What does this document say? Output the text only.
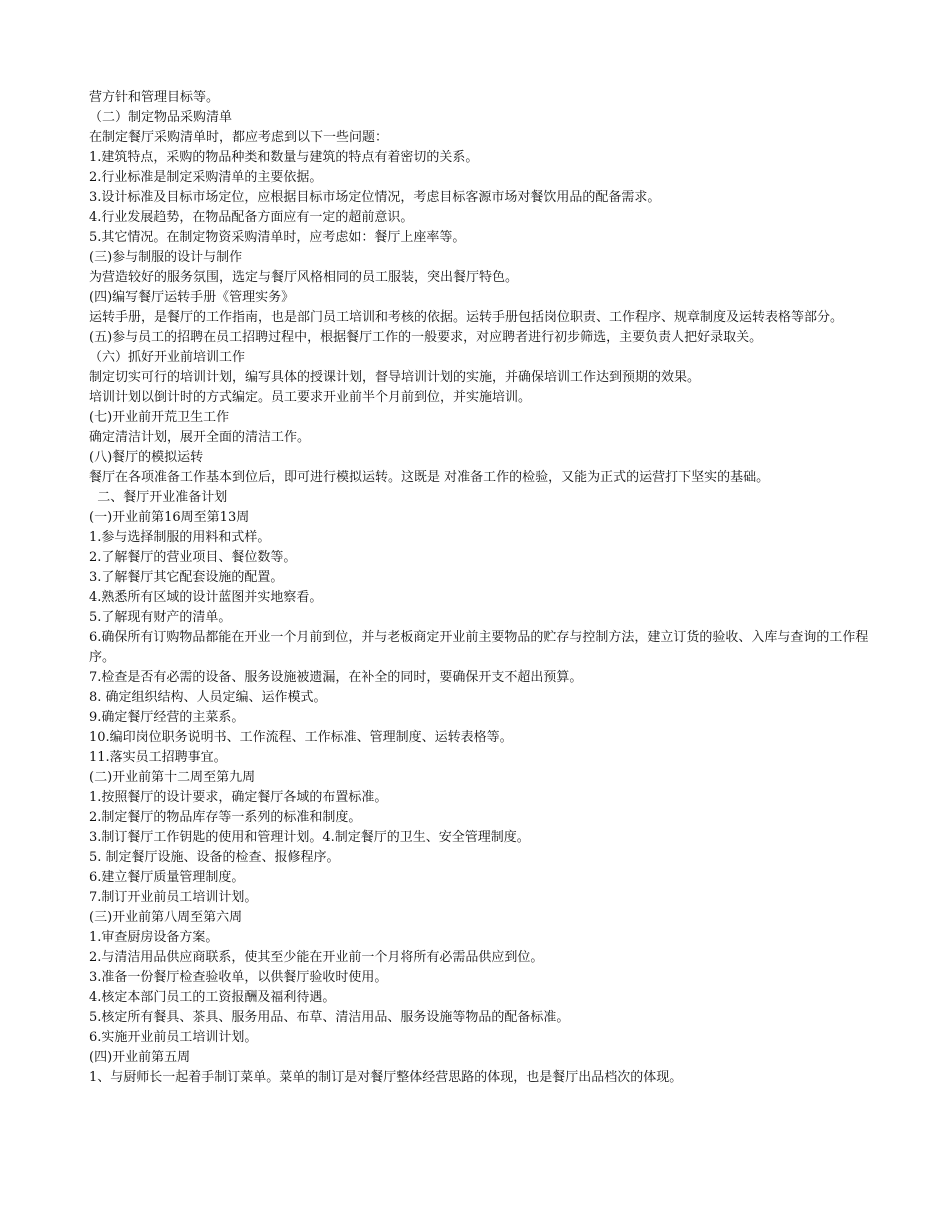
营方针和管理目标等。

（二）制定物品采购清单

在制定餐厅采购清单时，都应考虑到以下一些问题：

1.建筑特点，采购的物品种类和数量与建筑的特点有着密切的关系。

2.行业标准是制定采购清单的主要依据。

3.设计标准及目标市场定位，应根据目标市场定位情况，考虑目标客源市场对餐饮用品的配备需求。

4.行业发展趋势，在物品配备方面应有一定的超前意识。

5.其它情况。在制定物资采购清单时，应考虑如：餐厅上座率等。

(三)参与制服的设计与制作

为营造较好的服务氛围，选定与餐厅风格相同的员工服装，突出餐厅特色。

(四)编写餐厅运转手册《管理实务》

运转手册，是餐厅的工作指南，也是部门员工培训和考核的依据。运转手册包括岗位职责、工作程序、规章制度及运转表格等部分。

(五)参与员工的招聘在员工招聘过程中，根据餐厅工作的一般要求，对应聘者进行初步筛选，主要负责人把好录取关。

（六）抓好开业前培训工作

制定切实可行的培训计划，编写具体的授课计划，督导培训计划的实施，并确保培训工作达到预期的效果。

培训计划以倒计时的方式编定。员工要求开业前半个月前到位，并实施培训。

(七)开业前开荒卫生工作

确定清洁计划，展开全面的清洁工作。

(八)餐厅的模拟运转

餐厅在各项准备工作基本到位后，即可进行模拟运转。这既是 对准备工作的检验，又能为正式的运营打下坚实的基础。

二、餐厅开业准备计划

(一)开业前第16周至第13周

1.参与选择制服的用料和式样。

2.了解餐厅的营业项目、餐位数等。

3.了解餐厅其它配套设施的配置。

4.熟悉所有区域的设计蓝图并实地察看。

5.了解现有财产的清单。

6.确保所有订购物品都能在开业一个月前到位，并与老板商定开业前主要物品的贮存与控制方法，建立订货的验收、入库与查询的工作程序。

7.检查是否有必需的设备、服务设施被遗漏，在补全的同时，要确保开支不超出预算。

8. 确定组织结构、人员定编、运作模式。

9.确定餐厅经营的主菜系。

10.编印岗位职务说明书、工作流程、工作标准、管理制度、运转表格等。

11.落实员工招聘事宜。

(二)开业前第十二周至第九周

1.按照餐厅的设计要求，确定餐厅各域的布置标准。

2.制定餐厅的物品库存等一系列的标准和制度。

3.制订餐厅工作钥匙的使用和管理计划。4.制定餐厅的卫生、安全管理制度。

5. 制定餐厅设施、设备的检查、报修程序。

6.建立餐厅质量管理制度。

7.制订开业前员工培训计划。

(三)开业前第八周至第六周

1.审查厨房设备方案。

2.与清洁用品供应商联系，使其至少能在开业前一个月将所有必需品供应到位。

3.准备一份餐厅检查验收单，以供餐厅验收时使用。

4.核定本部门员工的工资报酬及福利待遇。

5.核定所有餐具、茶具、服务用品、布草、清洁用品、服务设施等物品的配备标准。

6.实施开业前员工培训计划。

(四)开业前第五周

1、与厨师长一起着手制订菜单。菜单的制订是对餐厅整体经营思路的体现，也是餐厅出品档次的体现。
